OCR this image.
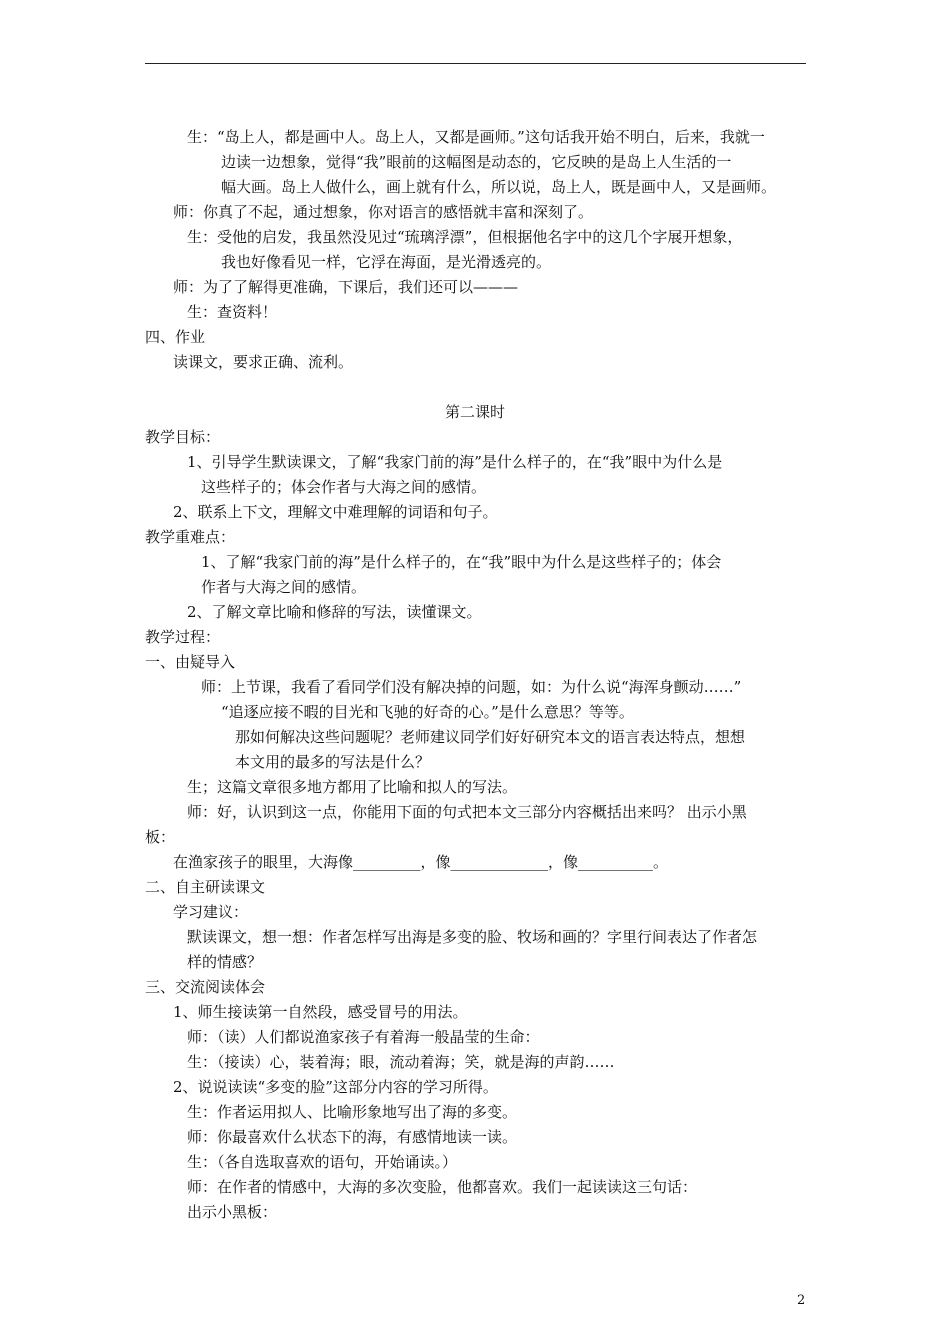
生：“岛上人，都是画中人。岛上人，又都是画师。”这句话我开始不明白，后来，我就一
边读一边想象，觉得“我”眼前的这幅图是动态的，它反映的是岛上人生活的一
幅大画。岛上人做什么，画上就有什么，所以说，岛上人，既是画中人，又是画师。
师：你真了不起，通过想象，你对语言的感悟就丰富和深刻了。
生：受他的启发，我虽然没见过“琉璃浮漂”，但根据他名字中的这几个字展开想象，
我也好像看见一样，它浮在海面，是光滑透亮的。
师：为了了解得更准确，下课后，我们还可以———
生：查资料！
四、作业
读课文，要求正确、流利。
第二课时
教学目标：
1、引导学生默读课文，了解“我家门前的海”是什么样子的，在“我”眼中为什么是
这些样子的；体会作者与大海之间的感情。
2、联系上下文，理解文中难理解的词语和句子。
教学重难点：
1、了解“我家门前的海”是什么样子的，在“我”眼中为什么是这些样子的；体会
作者与大海之间的感情。
2、了解文章比喻和修辞的写法，读懂课文。
教学过程：
一、由疑导入
师：上节课，我看了看同学们没有解决掉的问题，如：为什么说“海浑身颤动……”
“追逐应接不暇的目光和飞驰的好奇的心。”是什么意思？等等。
那如何解决这些问题呢？老师建议同学们好好研究本文的语言表达特点，想想
本文用的最多的写法是什么？
生；这篇文章很多地方都用了比喻和拟人的写法。
师：好，认识到这一点，你能用下面的句式把本文三部分内容概括出来吗？ 出示小黑
板：
在渔家孩子的眼里，大海像_________，像_____________，像__________。
二、自主研读课文
学习建议：
默读课文，想一想：作者怎样写出海是多变的脸、牧场和画的？字里行间表达了作者怎
样的情感？
三、交流阅读体会
1、师生接读第一自然段，感受冒号的用法。
师：（读）人们都说渔家孩子有着海一般晶莹的生命：
生：（接读）心，装着海；眼，流动着海；笑，就是海的声韵……
2、说说读读“多变的脸”这部分内容的学习所得。
生：作者运用拟人、比喻形象地写出了海的多变。
师：你最喜欢什么状态下的海，有感情地读一读。
生：（各自选取喜欢的语句，开始诵读。）
师：在作者的情感中，大海的多次变脸，他都喜欢。我们一起读读这三句话：
出示小黑板：
2
